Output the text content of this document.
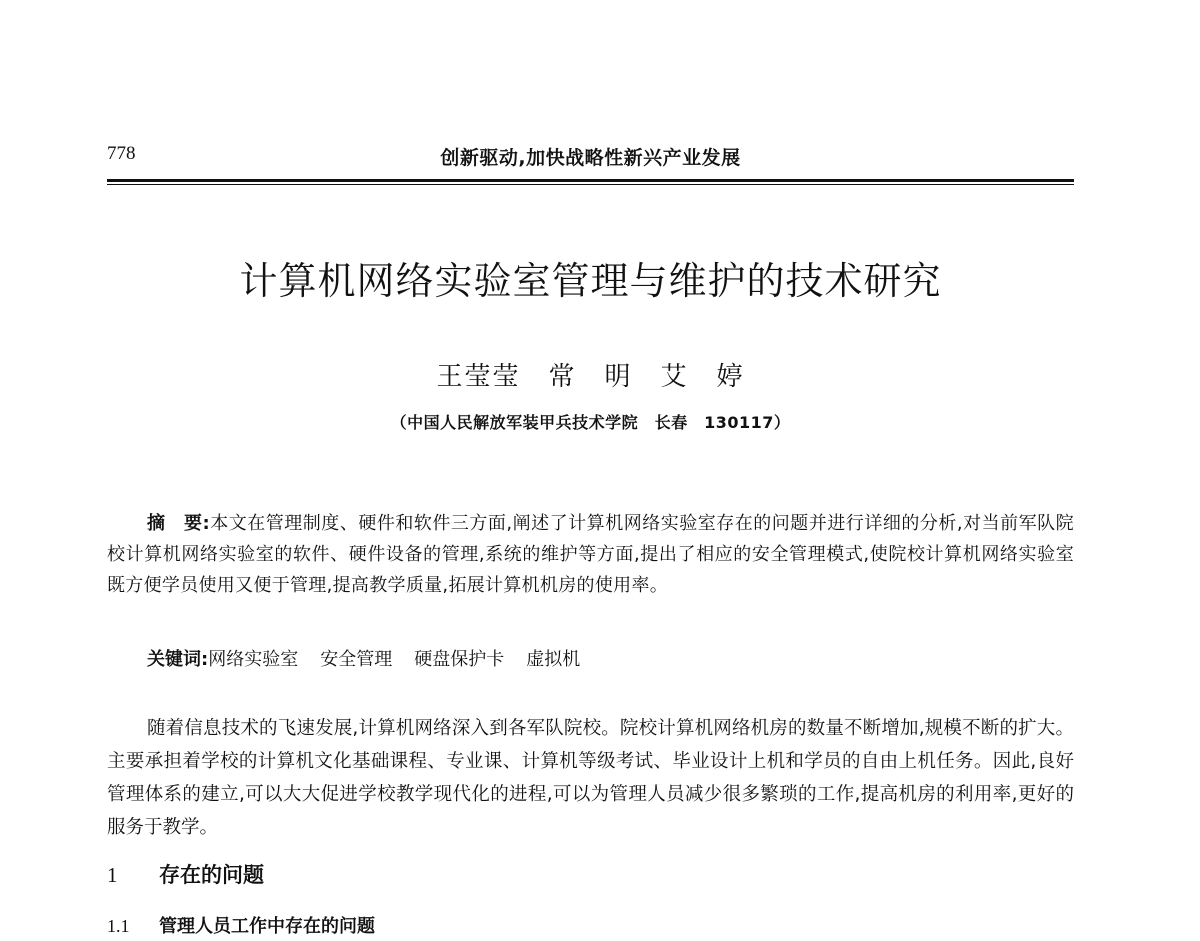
778	创新驱动,加快战略性新兴产业发展
计算机网络实验室管理与维护的技术研究
王莹莹　常　明　艾　婷
（中国人民解放军装甲兵技术学院　长春　130117）
摘　要:本文在管理制度、硬件和软件三方面,阐述了计算机网络实验室存在的问题并进行详细的分析,对当前军队院校计算机网络实验室的软件、硬件设备的管理,系统的维护等方面,提出了相应的安全管理模式,使院校计算机网络实验室既方便学员使用又便于管理,提高教学质量,拓展计算机机房的使用率。
关键词:网络实验室 安全管理 硬盘保护卡 虚拟机
随着信息技术的飞速发展,计算机网络深入到各军队院校。院校计算机网络机房的数量不断增加,规模不断的扩大。主要承担着学校的计算机文化基础课程、专业课、计算机等级考试、毕业设计上机和学员的自由上机任务。因此,良好管理体系的建立,可以大大促进学校教学现代化的进程,可以为管理人员减少很多繁琐的工作,提高机房的利用率,更好的服务于教学。
1 存在的问题
1.1 管理人员工作中存在的问题
